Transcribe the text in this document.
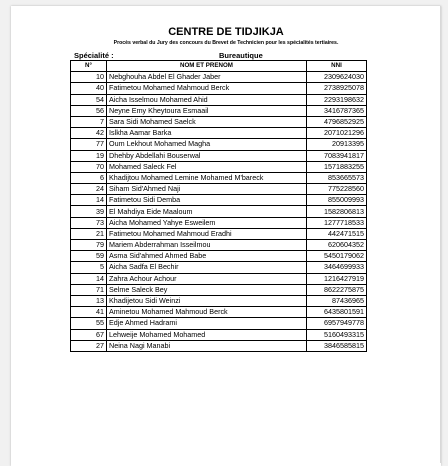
CENTRE DE TIDJIKJA
Procès verbal du Jury des concours du Brevet de Technicien pour les spécialités tertiaires.
Spécialité :	Bureautique
N°	NOM ET PRENOM	NNI
10	Nebghouha Abdel El Ghader Jaber	2309624030
40	Fatimetou Mohamed Mahmoud Berck	2738925078
54	Aicha Isselmou Mohamed Ahid	2293198632
56	Neyne Emy Kheytoura Esmaail	3416787365
7	Sara Sidi Mohamed Saelck	4796852925
42	Islkha Aamar Barka	2071021296
77	Oum Lekhout Mohamed Magha	20913395
19	Dhehby Abdellahi Bouserwal	7083941817
70	Mohamed Saleck Fel	1571883255
6	Khadijtou Mohamed Lemine Mohamed M'bareck	853665573
24	Siham Sid'Ahmed Naji	775228560
14	Fatimetou Sidi Demba	855009993
39	El Mahdiya Eide Maaloum	1582806813
73	Aicha Mohamed Yahye Esweilem	1277718533
21	Fatimetou Mohamed Mahmoud Eradhi	442471515
79	Mariem Abderrahman Isseilmou	620604352
59	Asma Sid'ahmed Ahmed Babe	5450179062
5	Aicha Sadfa El Bechir	3464699933
14	Zahra Achour Achour	1216427919
71	Selme Saleck Bey	8622275875
13	Khadijetou Sidi Weinzi	87436965
41	Aminetou Mohamed Mahmoud Berck	6435801591
55	Edje Ahmed Hadrami	6957949778
67	Lehweije Mohamed Mohamed	5160493315
27	Neina Nagi Manabi	3846585815
